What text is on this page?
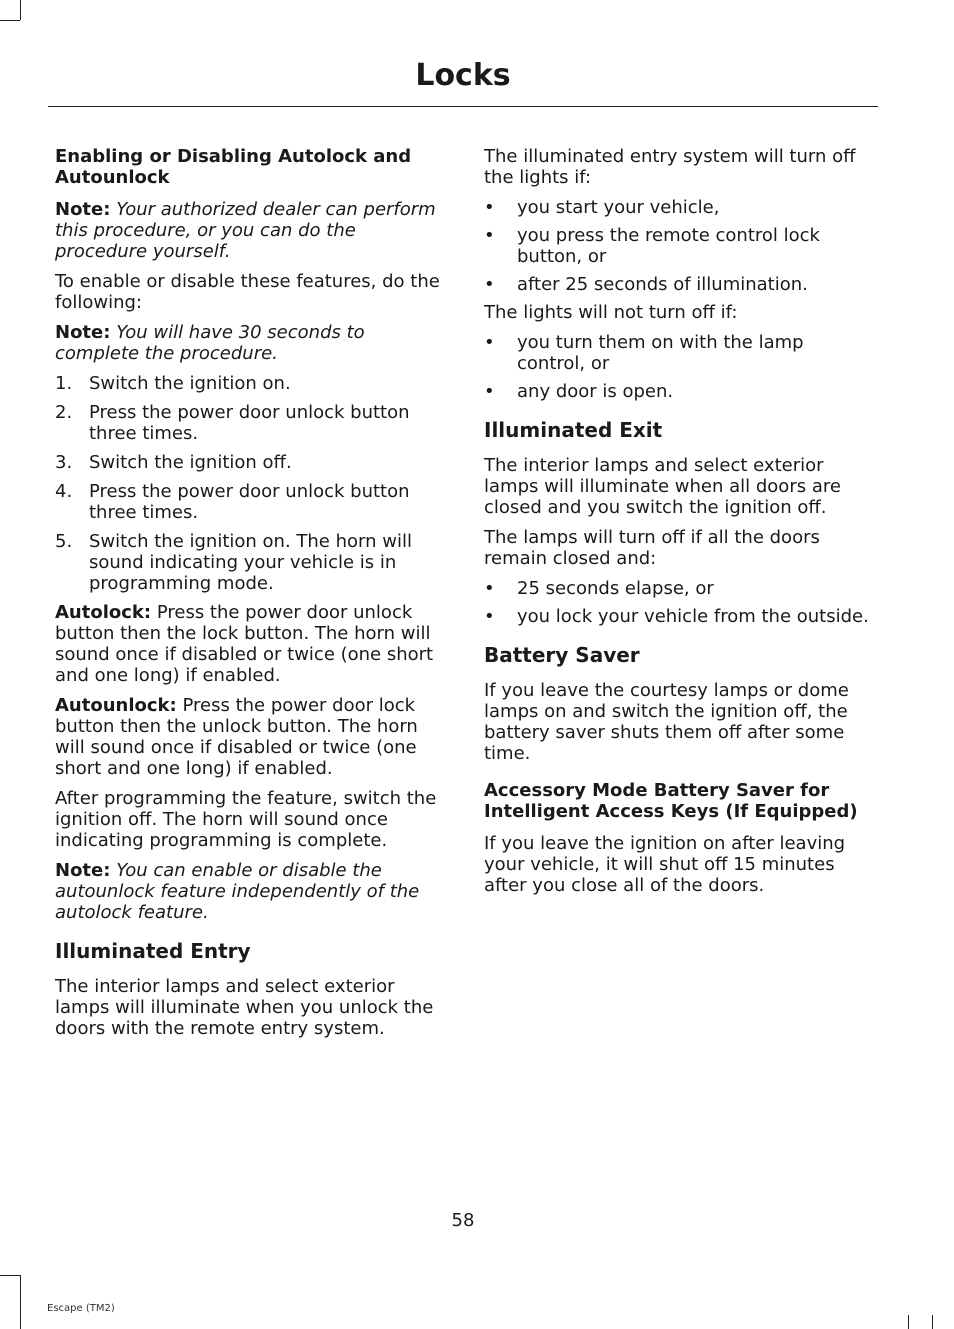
Locks
Enabling or Disabling Autolock and Autounlock

Note: Your authorized dealer can perform this procedure, or you can do the procedure yourself.

To enable or disable these features, do the following:

Note: You will have 30 seconds to complete the procedure.

1. Switch the ignition on.
2. Press the power door unlock button three times.
3. Switch the ignition off.
4. Press the power door unlock button three times.
5. Switch the ignition on. The horn will sound indicating your vehicle is in programming mode.

Autolock: Press the power door unlock button then the lock button. The horn will sound once if disabled or twice (one short and one long) if enabled.

Autounlock: Press the power door lock button then the unlock button. The horn will sound once if disabled or twice (one short and one long) if enabled.

After programming the feature, switch the ignition off. The horn will sound once indicating programming is complete.

Note: You can enable or disable the autounlock feature independently of the autolock feature.

Illuminated Entry

The interior lamps and select exterior lamps will illuminate when you unlock the doors with the remote entry system.

The illuminated entry system will turn off the lights if:

•	you start your vehicle,
•	you press the remote control lock button, or
•	after 25 seconds of illumination.

The lights will not turn off if:

•	you turn them on with the lamp control, or
•	any door is open.
Illuminated Exit

The interior lamps and select exterior lamps will illuminate when all doors are closed and you switch the ignition off.

The lamps will turn off if all the doors remain closed and:

•	25 seconds elapse, or
•	you lock your vehicle from the outside.
Battery Saver

If you leave the courtesy lamps or dome lamps on and switch the ignition off, the battery saver shuts them off after some time.

Accessory Mode Battery Saver for Intelligent Access Keys (If Equipped)

If you leave the ignition on after leaving your vehicle, it will shut off 15 minutes after you close all of the doors.

58
Escape (TM2)
